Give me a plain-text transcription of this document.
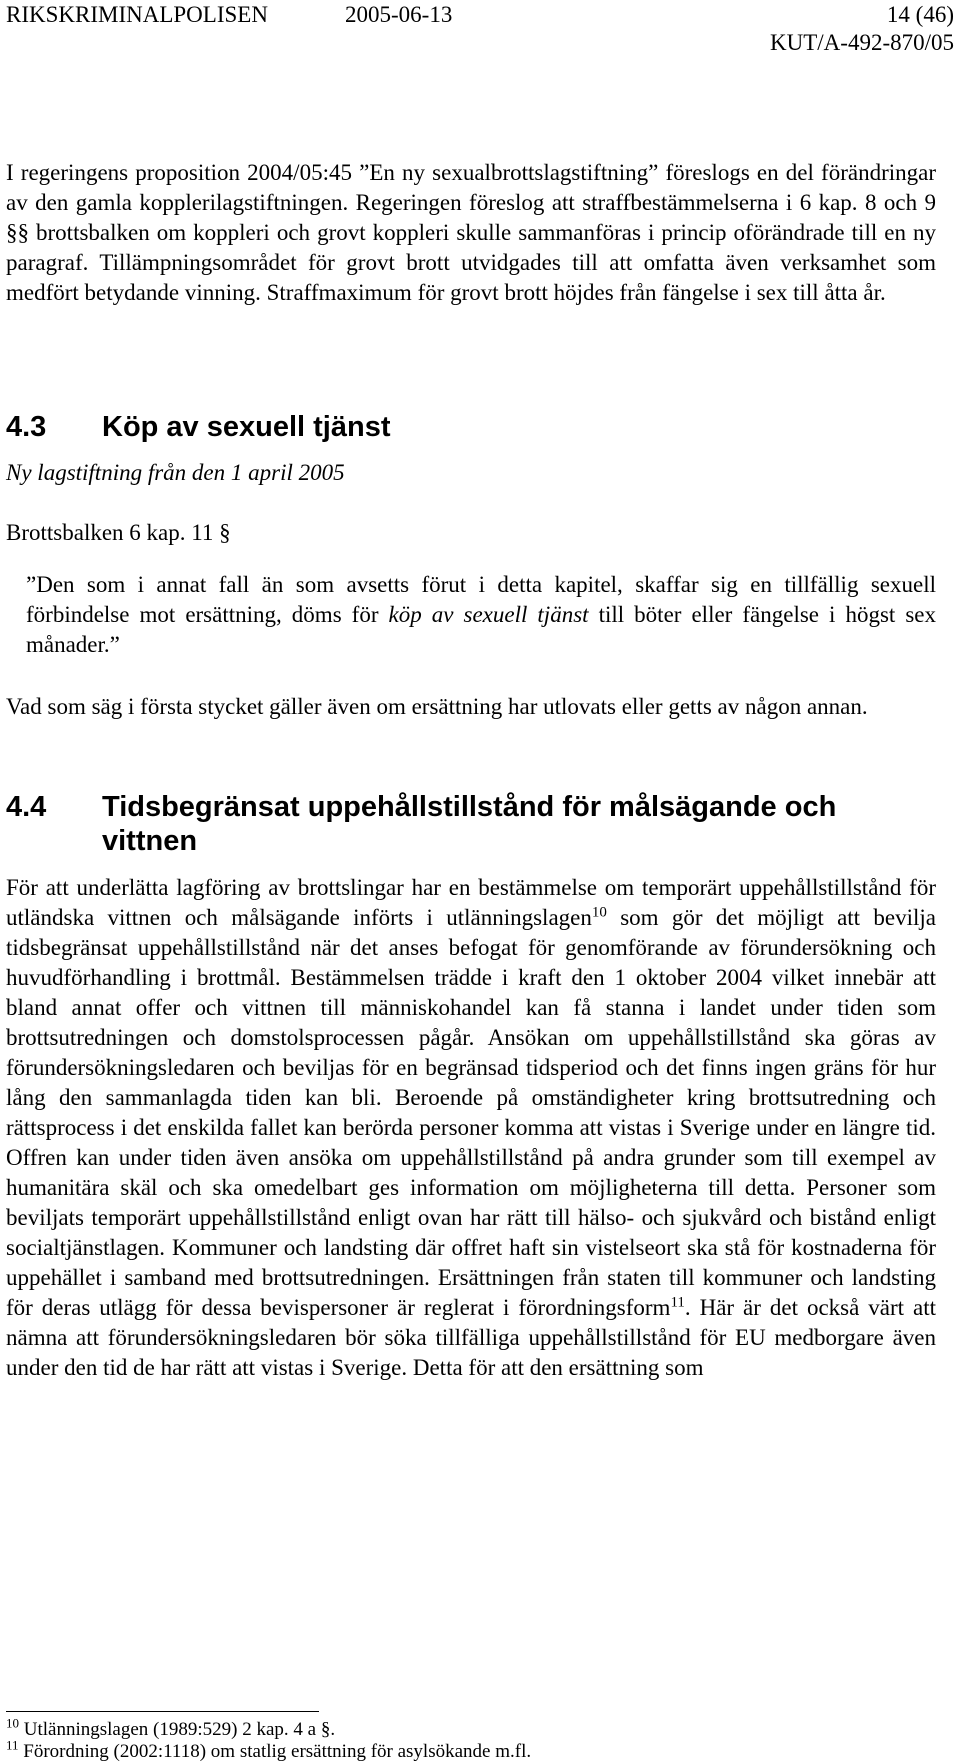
RIKSKRIMINALPOLISEN	2005-06-13	14 (46)
KUT/A-492-870/05

I regeringens proposition 2004/05:45 ”En ny sexualbrottslagstiftning” föreslogs en del förändringar av den gamla kopplerilagstiftningen. Regeringen föreslog att straffbestämmelserna i 6 kap. 8 och 9 §§ brottsbalken om koppleri och grovt koppleri skulle sammanföras i princip oförändrade till en ny paragraf. Tillämpningsområdet för grovt brott utvidgades till att omfatta även verksamhet som medfört betydande vinning. Straffmaximum för grovt brott höjdes från fängelse i sex till åtta år.

4.3 Köp av sexuell tjänst

Ny lagstiftning från den 1 april 2005

Brottsbalken 6 kap. 11 §

”Den som i annat fall än som avsetts förut i detta kapitel, skaffar sig en tillfällig sexuell förbindelse mot ersättning, döms för köp av sexuell tjänst till böter eller fängelse i högst sex månader.”

Vad som säg i första stycket gäller även om ersättning har utlovats eller getts av någon annan.

4.4 Tidsbegränsat uppehållstillstånd för målsägande och
vittnen

För att underlätta lagföring av brottslingar har en bestämmelse om temporärt uppehållstillstånd för utländska vittnen och målsägande införts i utlänningslagen$^{10}$ som gör det möjligt att bevilja tidsbegränsat uppehållstillstånd när det anses befogat för genomförande av förundersökning och huvudförhandling i brottmål. Bestämmelsen trädde i kraft den 1 oktober 2004 vilket innebär att bland annat offer och vittnen till människohandel kan få stanna i landet under tiden som brottsutredningen och domstolsprocessen pågår. Ansökan om uppehållstillstånd ska göras av förundersökningsledaren och beviljas för en begränsad tidsperiod och det finns ingen gräns för hur lång den sammanlagda tiden kan bli. Beroende på omständigheter kring brottsutredning och rättsprocess i det enskilda fallet kan berörda personer komma att vistas i Sverige under en längre tid. Offren kan under tiden även ansöka om uppehållstillstånd på andra grunder som till exempel av humanitära skäl och ska omedelbart ges information om möjligheterna till detta. Personer som beviljats temporärt uppehållstillstånd enligt ovan har rätt till hälso- och sjukvård och bistånd enligt socialtjänstlagen. Kommuner och landsting där offret haft sin vistelseort ska stå för kostnaderna för uppehället i samband med brottsutredningen. Ersättningen från staten till kommuner och landsting för deras utlägg för dessa bevispersoner är reglerat i förordningsform$^{11}$. Här är det också värt att nämna att förundersökningsledaren bör söka tillfälliga uppehållstillstånd för EU medborgare även under den tid de har rätt att vistas i Sverige. Detta för att den ersättning som

$^{10}$ Utlänningslagen (1989:529) 2 kap. 4 a §.
$^{11}$ Förordning (2002:1118) om statlig ersättning för asylsökande m.fl.
